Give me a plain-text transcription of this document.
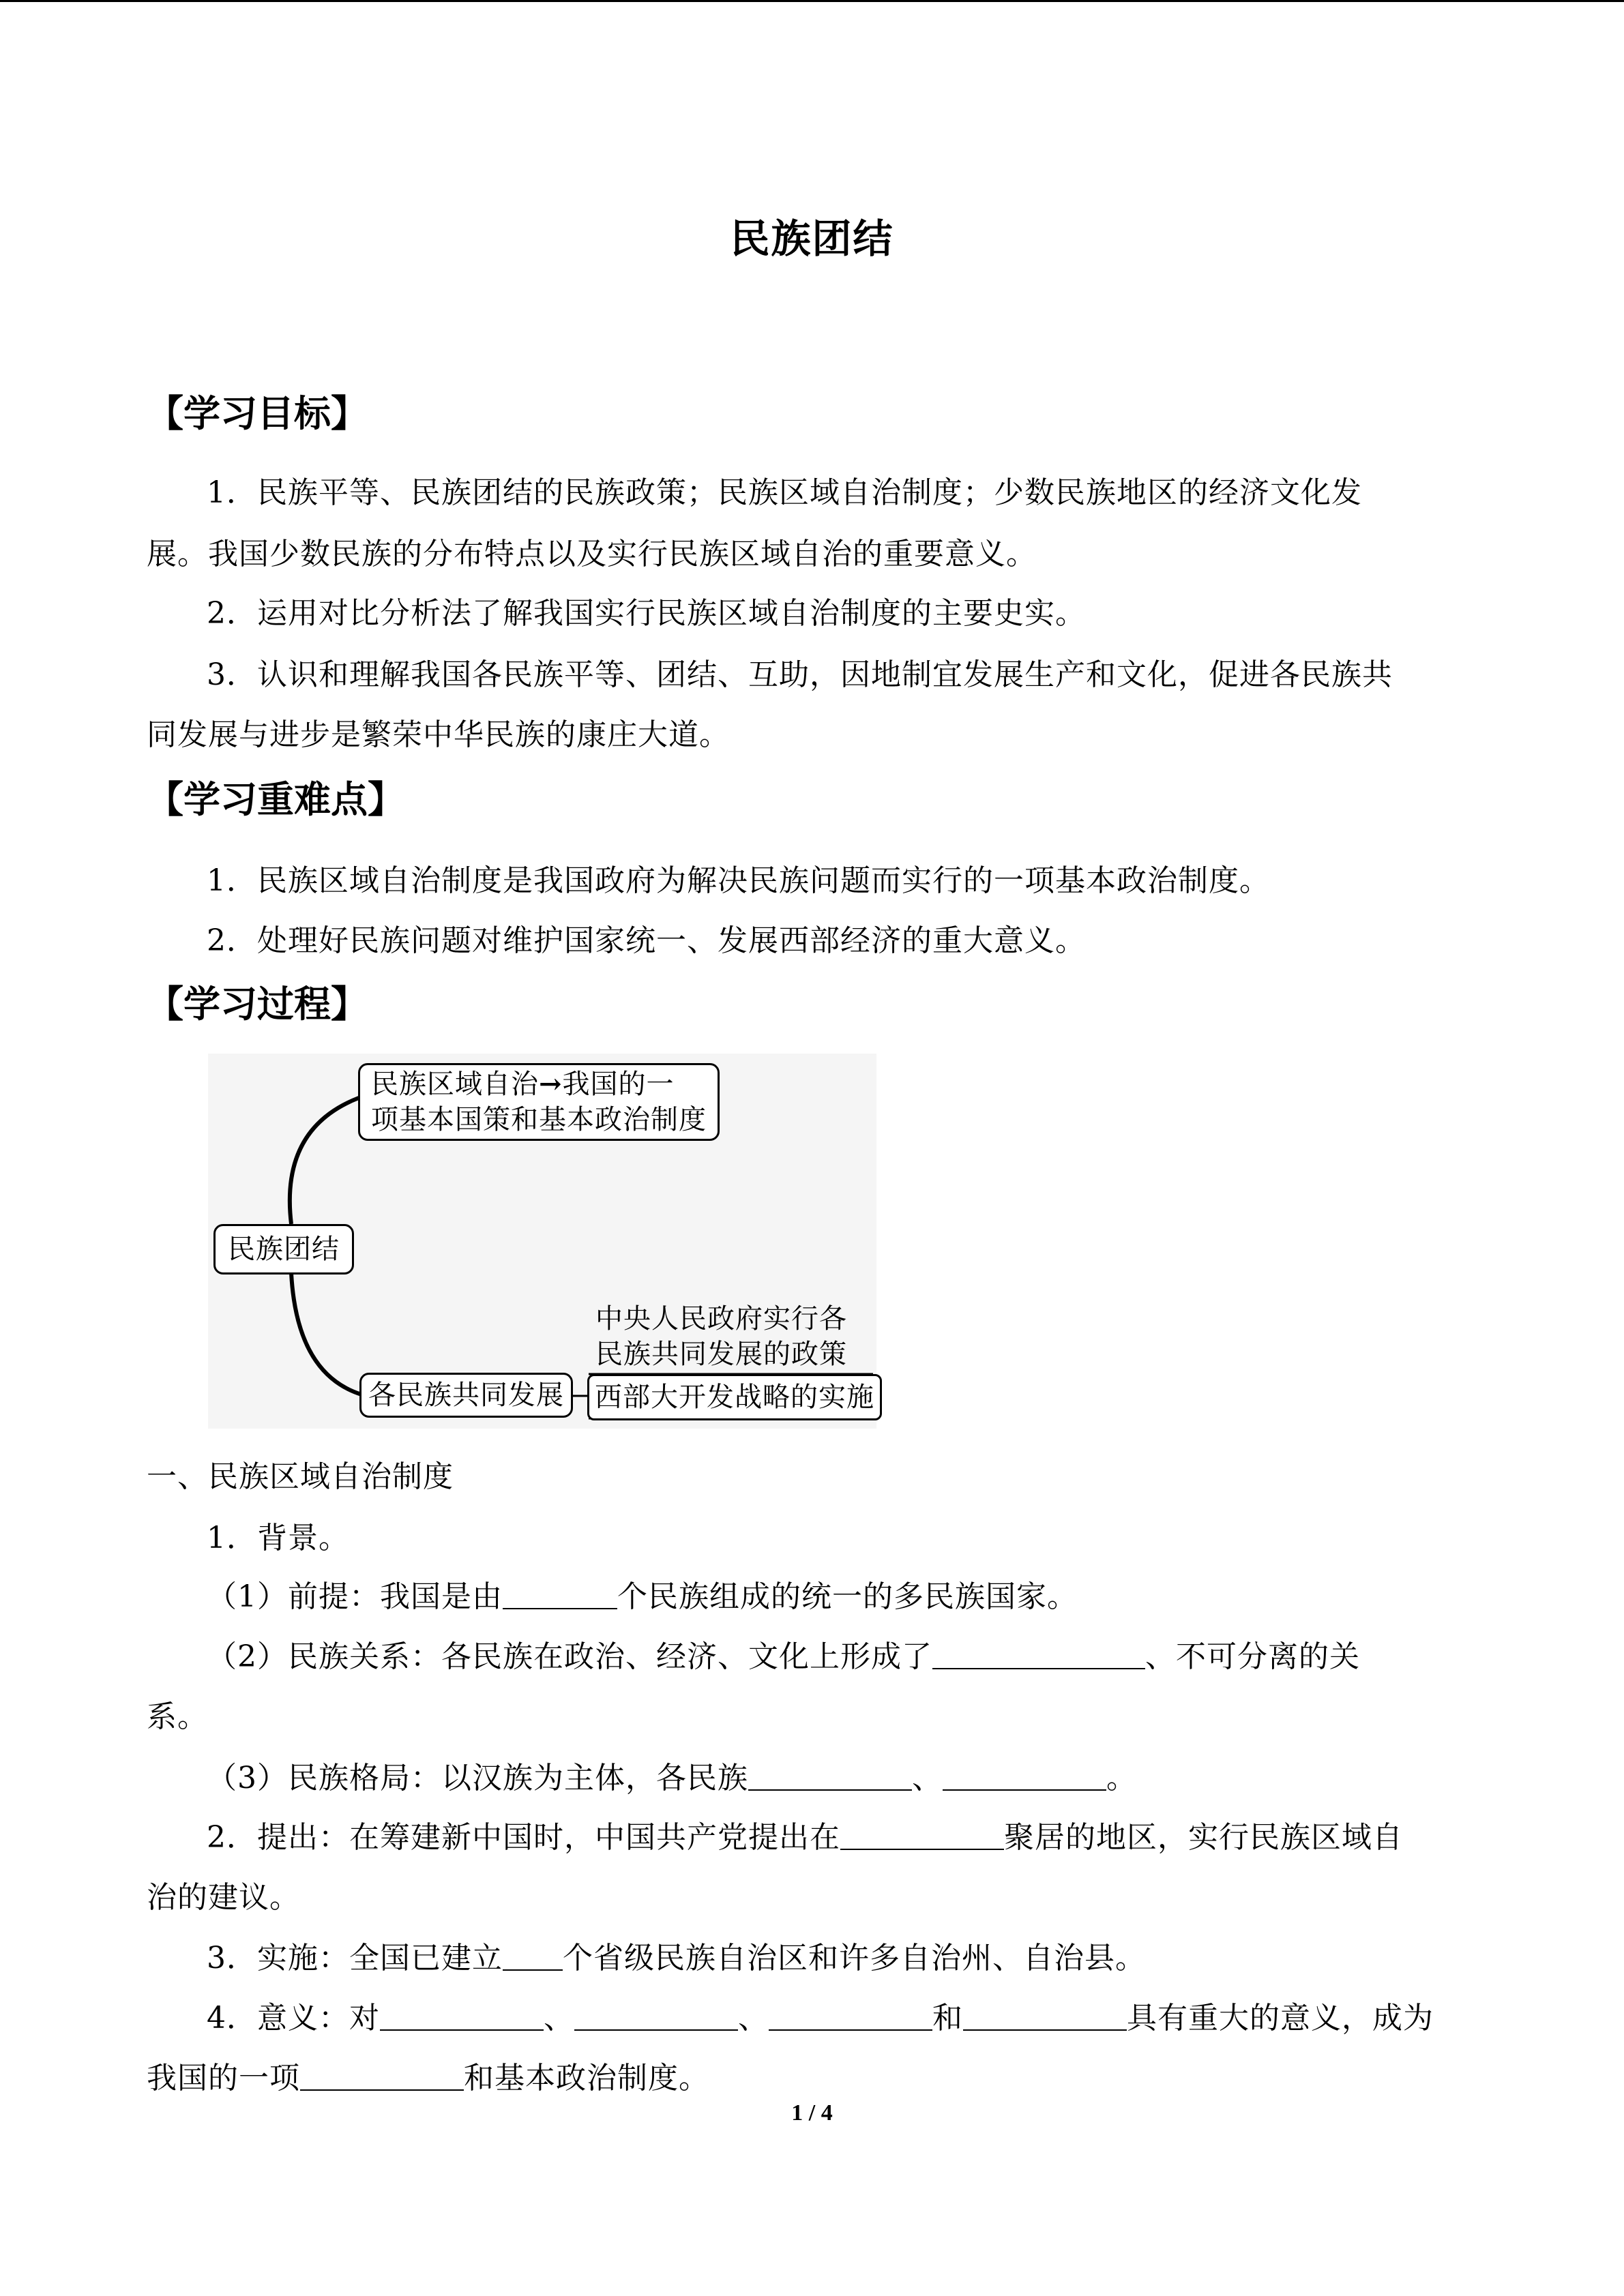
民族团结
【学习目标】
1．民族平等、民族团结的民族政策；民族区域自治制度；少数民族地区的经济文化发
展。我国少数民族的分布特点以及实行民族区域自治的重要意义。
2．运用对比分析法了解我国实行民族区域自治制度的主要史实。
3．认识和理解我国各民族平等、团结、互助，因地制宜发展生产和文化，促进各民族共
同发展与进步是繁荣中华民族的康庄大道。
【学习重难点】
1．民族区域自治制度是我国政府为解决民族问题而实行的一项基本政治制度。
2．处理好民族问题对维护国家统一、发展西部经济的重大意义。
【学习过程】
民族区域自治→我国的一
项基本国策和基本政治制度
民族团结
各民族共同发展
中央人民政府实行各
民族共同发展的政策
西部大开发战略的实施
一、民族区域自治制度
1．背景。
（1）前提：我国是由	个民族组成的统一的多民族国家。
（2）民族关系：各民族在政治、经济、文化上形成了	、不可分离的关
系。
（3）民族格局：以汉族为主体，各民族	、	。
2．提出：在筹建新中国时，中国共产党提出在	聚居的地区，实行民族区域自
治的建议。
3．实施：全国已建立 个省级民族自治区和许多自治州、自治县。
4．意义：对	、	、	和	具有重大的意义，成为
我国的一项	和基本政治制度。
1 / 4
